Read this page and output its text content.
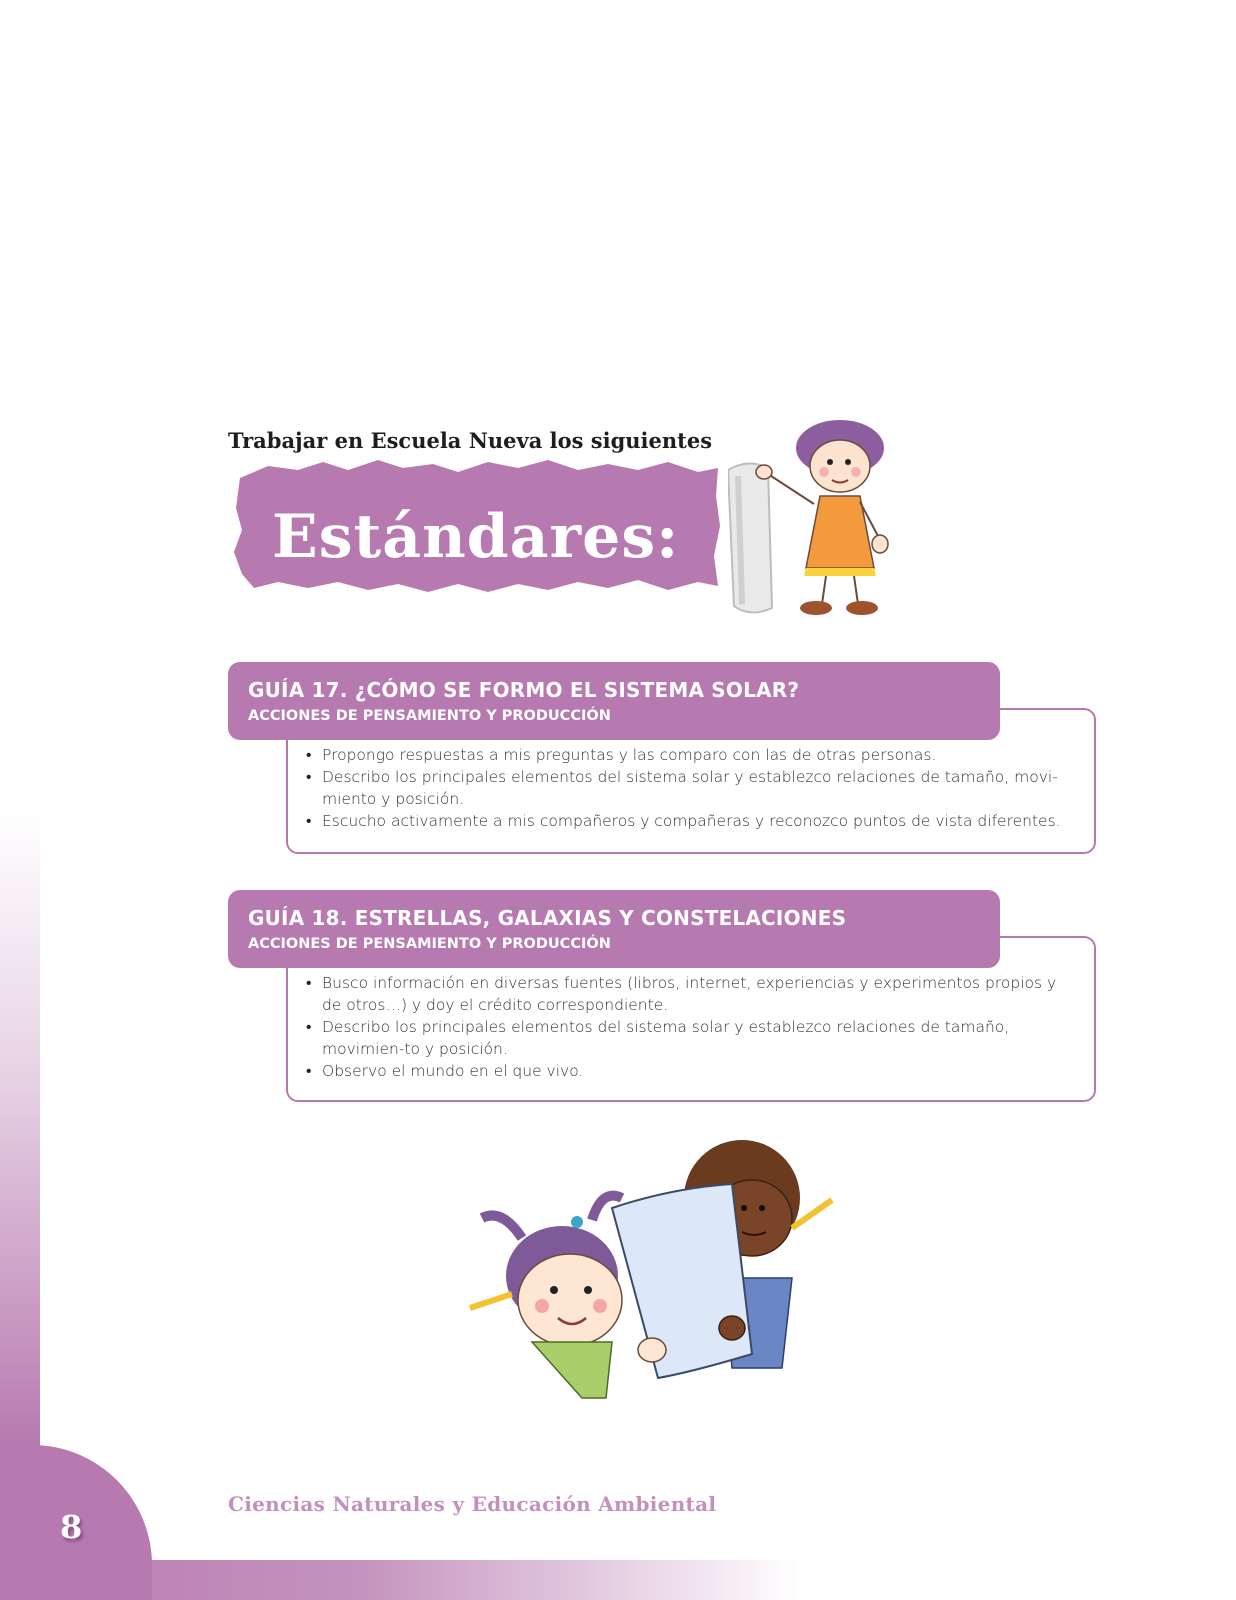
8
Ciencias Naturales y Educación Ambiental
Trabajar en Escuela Nueva los siguientes
Estándares:
GUÍA 17. ¿CÓMO SE FORMO EL SISTEMA SOLAR?
ACCIONES DE PENSAMIENTO Y PRODUCCIÓN
• Propongo respuestas a mis preguntas y las comparo con las de otras personas.
• Describo los principales elementos del sistema solar y establezco relaciones de tamaño, movi-miento y posición.
• Escucho activamente a mis compañeros y compañeras y reconozco puntos de vista diferentes.
GUÍA 18. ESTRELLAS, GALAXIAS Y CONSTELACIONES
ACCIONES DE PENSAMIENTO Y PRODUCCIÓN
• Busco información en diversas fuentes (libros, internet, experiencias y experimentos propios y de otros…) y doy el crédito correspondiente.
• Describo los principales elementos del sistema solar y establezco relaciones de tamaño, movimien-to y posición.
• Observo el mundo en el que vivo.
